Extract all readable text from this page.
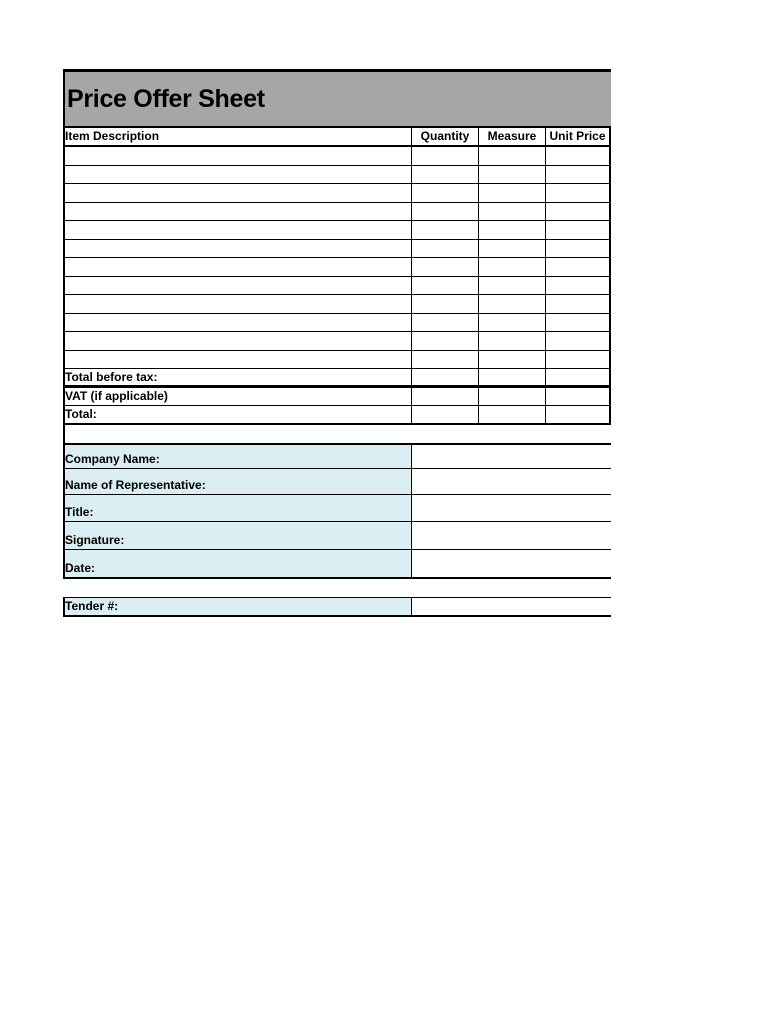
Price Offer Sheet
Item Description	Quantity	Measure	Unit Price
Total before tax:
VAT (if applicable)
Total:
Company Name:
Name of Representative:
Title:
Signature:
Date:
Tender #:
